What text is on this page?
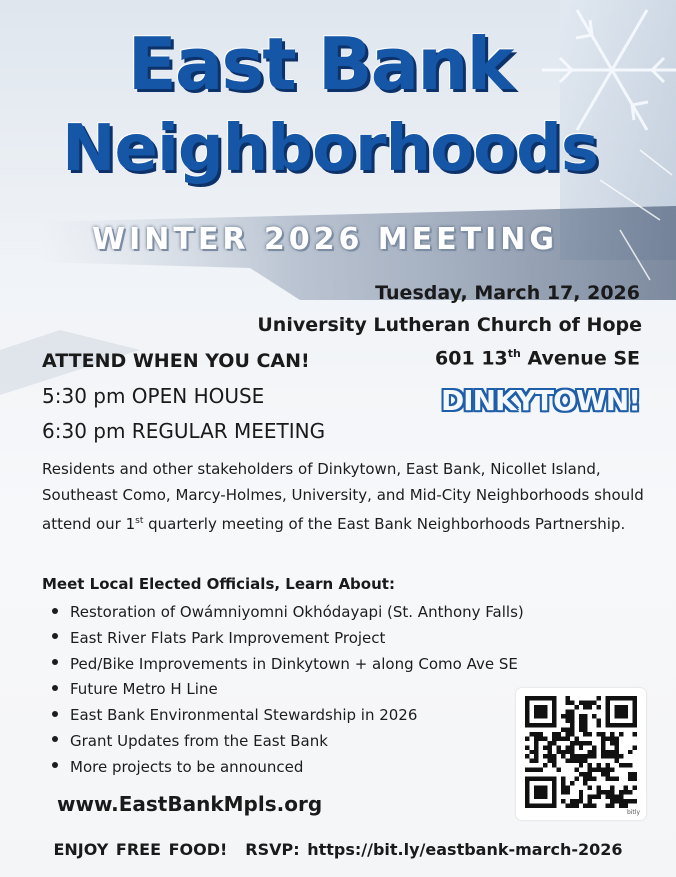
East Bank
Neighborhoods
WINTER 2026 MEETING
Tuesday, March 17, 2026
University Lutheran Church of Hope
601 13th Avenue SE
DINKYTOWN!
ATTEND WHEN YOU CAN!
5:30 pm OPEN HOUSE
6:30 pm REGULAR MEETING
Residents and other stakeholders of Dinkytown, East Bank, Nicollet Island, Southeast Como, Marcy-Holmes, University, and Mid-City Neighborhoods should attend our 1st quarterly meeting of the East Bank Neighborhoods Partnership.
Meet Local Elected Officials, Learn About:
Restoration of Owámniyomni Okhódayapi (St. Anthony Falls)
East River Flats Park Improvement Project
Ped/Bike Improvements in Dinkytown + along Como Ave SE
Future Metro H Line
East Bank Environmental Stewardship in 2026
Grant Updates from the East Bank
More projects to be announced
www.EastBankMpls.org	bitly
ENJOY FREE FOOD! RSVP: https://bit.ly/eastbank-march-2026
